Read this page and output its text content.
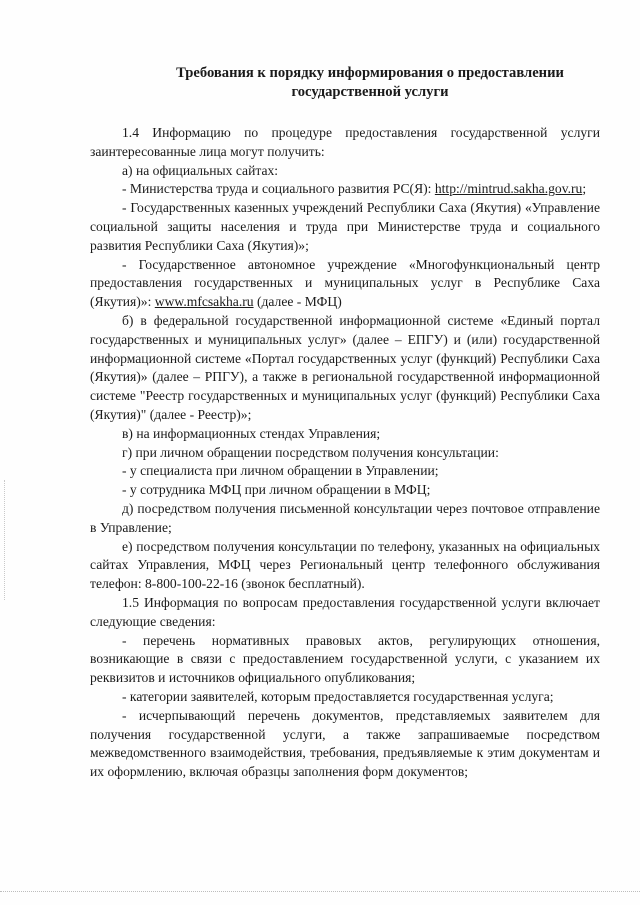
Требования к порядку информирования о предоставлении
государственной услуги

1.4 Информацию по процедуре предоставления государственной услуги заинтересованные лица могут получить:

а) на официальных сайтах:

- Министерства труда и социального развития РС(Я): http://mintrud.sakha.gov.ru;

- Государственных казенных учреждений Республики Саха (Якутия) «Управление социальной защиты населения и труда при Министерстве труда и социального развития Республики Саха (Якутия)»;

- Государственное автономное учреждение «Многофункциональный центр предоставления государственных и муниципальных услуг в Республике Саха (Якутия)»: www.mfcsakha.ru (далее - МФЦ)

б) в федеральной государственной информационной системе «Единый портал государственных и муниципальных услуг» (далее – ЕПГУ) и (или) государственной информационной системе «Портал государственных услуг (функций) Республики Саха (Якутия)» (далее – РПГУ), а также в региональной государственной информационной системе "Реестр государственных и муниципальных услуг (функций) Республики Саха (Якутия)" (далее - Реестр)»;

в) на информационных стендах Управления;

г) при личном обращении посредством получения консультации:

- у специалиста при личном обращении в Управлении;

- у сотрудника МФЦ при личном обращении в МФЦ;

д) посредством получения письменной консультации через почтовое отправление в Управление;

е) посредством получения консультации по телефону, указанных на официальных сайтах Управления, МФЦ через Региональный центр телефонного обслуживания телефон: 8-800-100-22-16 (звонок бесплатный).

1.5 Информация по вопросам предоставления государственной услуги включает следующие сведения:

- перечень нормативных правовых актов, регулирующих отношения, возникающие в связи с предоставлением государственной услуги, с указанием их реквизитов и источников официального опубликования;

- категории заявителей, которым предоставляется государственная услуга;

- исчерпывающий перечень документов, представляемых заявителем для получения государственной услуги, а также запрашиваемые посредством межведомственного взаимодействия, требования, предъявляемые к этим документам и их оформлению, включая образцы заполнения форм документов;
